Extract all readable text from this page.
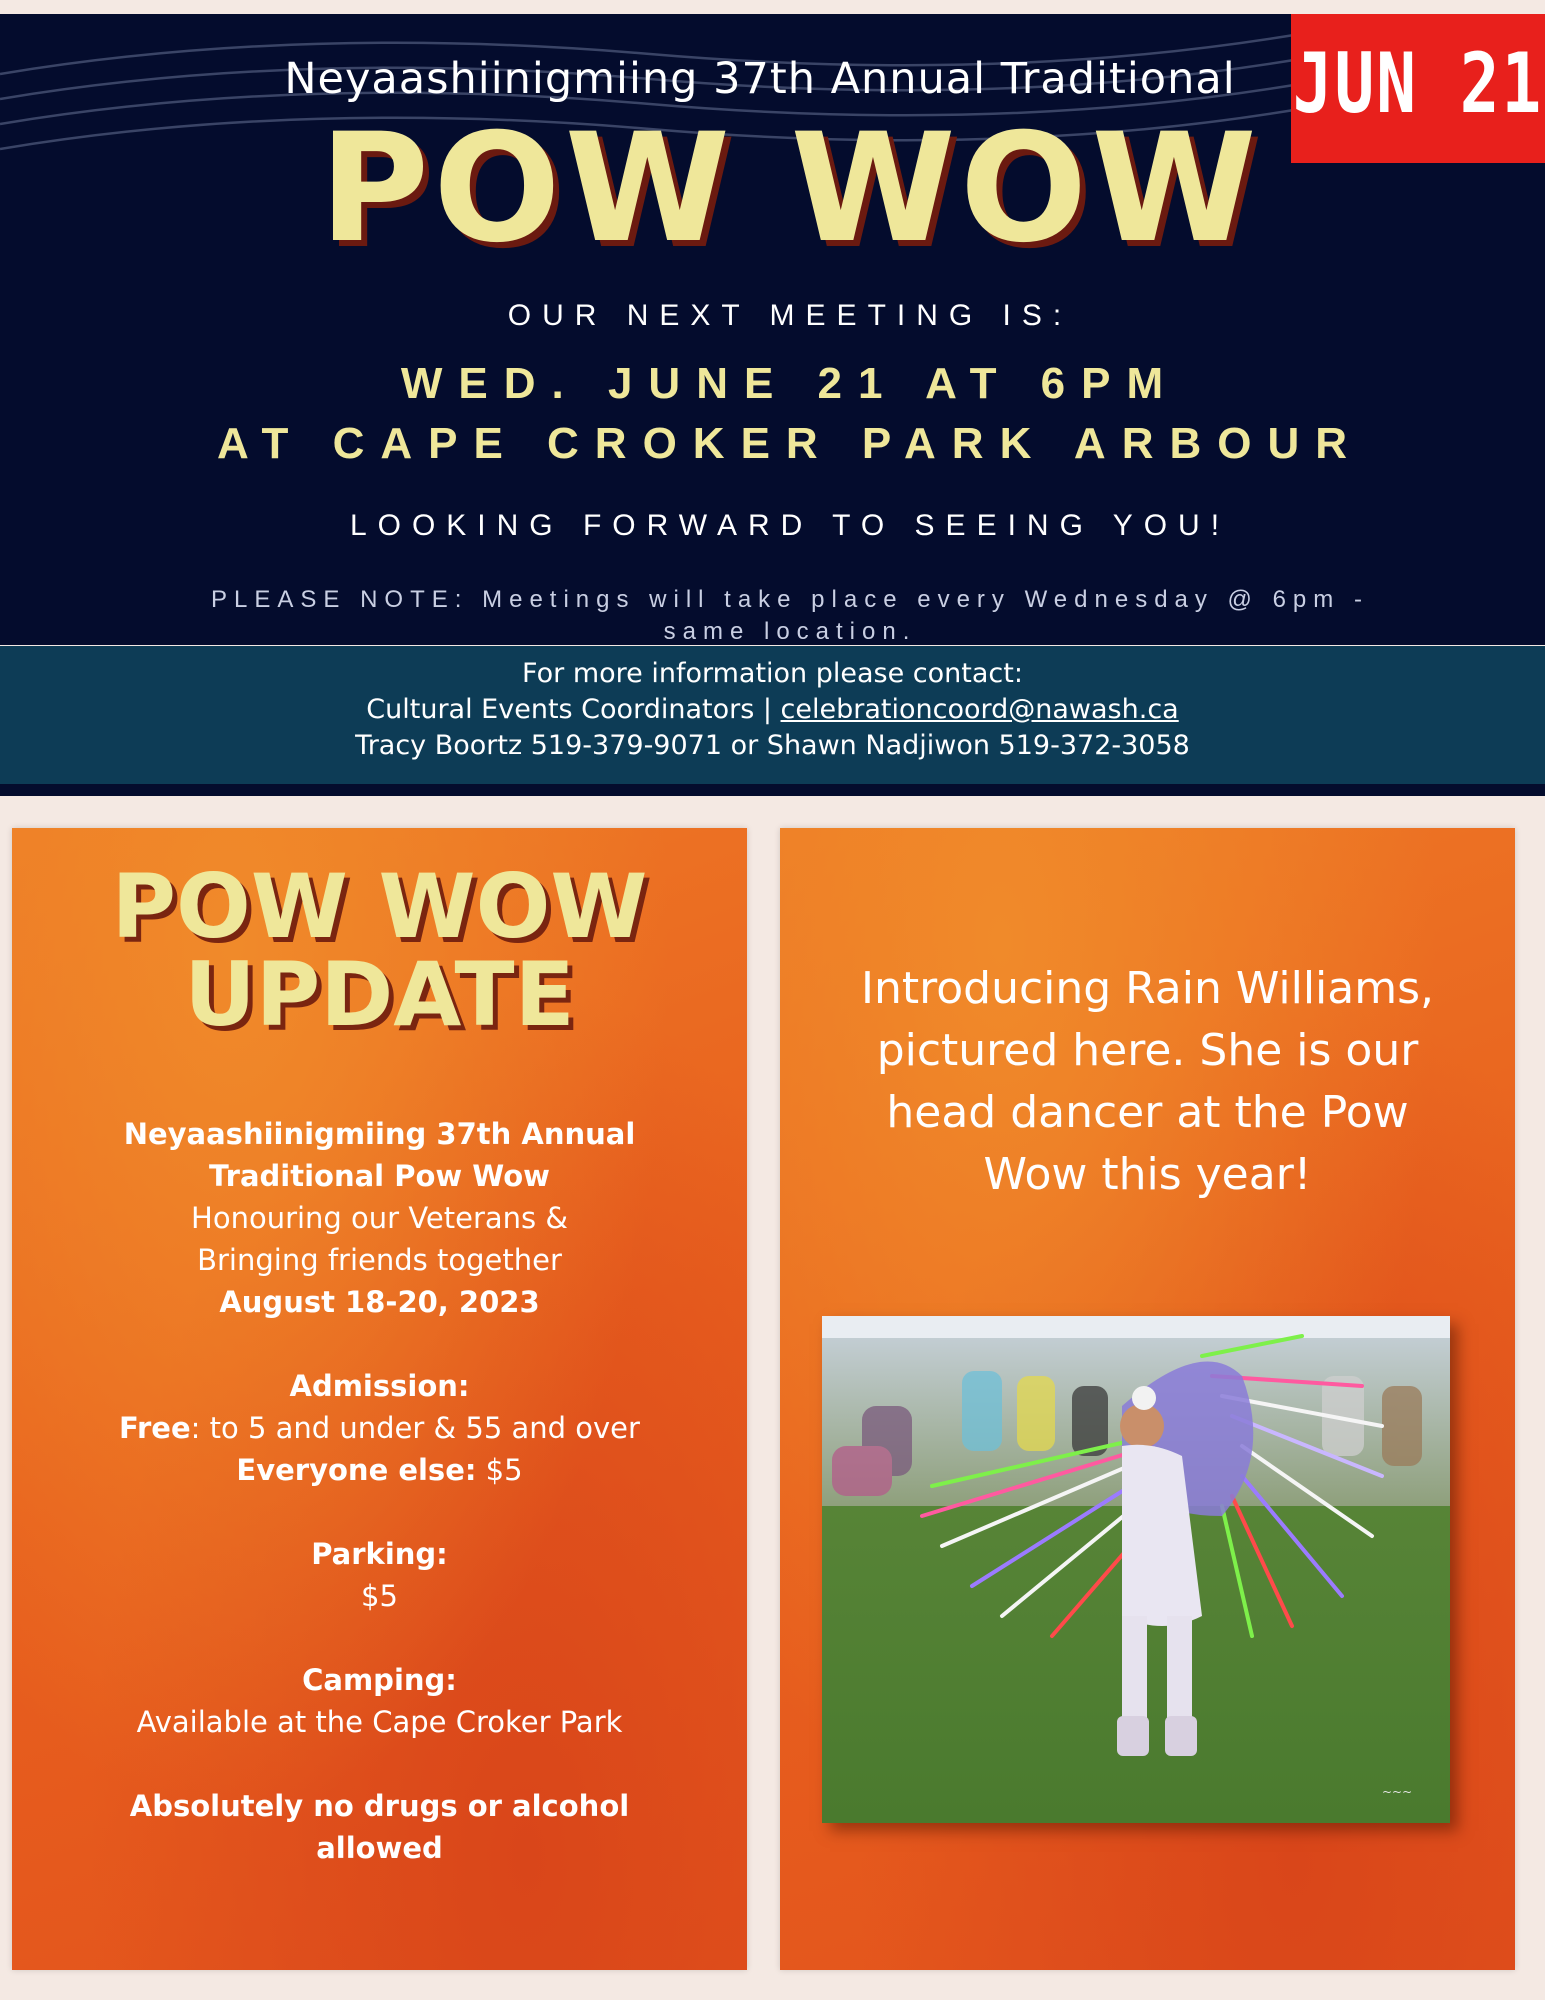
JUN 21
Neyaashiinigmiing 37th Annual Traditional
POW WOW
OUR NEXT MEETING IS:
WED. JUNE 21 AT 6PM
AT CAPE CROKER PARK ARBOUR
LOOKING FORWARD TO SEEING YOU!
PLEASE NOTE: Meetings will take place every Wednesday @ 6pm - same location.
For more information please contact:
Cultural Events Coordinators | celebrationcoord@nawash.ca
Tracy Boortz 519-379-9071 or Shawn Nadjiwon 519-372-3058
POW WOW
UPDATE
Neyaashiinigmiing 37th Annual
Traditional Pow Wow
Honouring our Veterans &
Bringing friends together
August 18-20, 2023
Admission:
Free: to 5 and under & 55 and over
Everyone else: $5
Parking:
$5
Camping:
Available at the Cape Croker Park
Absolutely no drugs or alcohol
allowed
Introducing Rain Williams, pictured here. She is our head dancer at the Pow Wow this year!
~~~
